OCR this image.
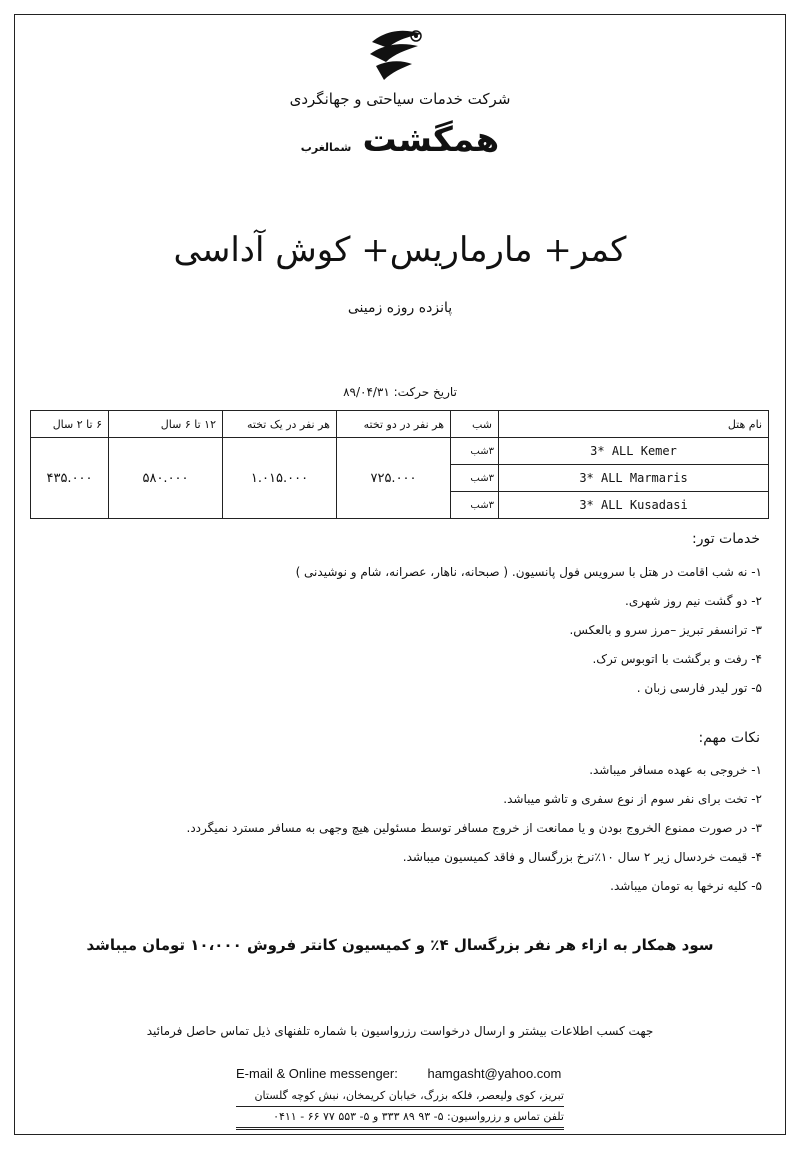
شرکت خدمات سیاحتی و جهانگردی
همگشت شمالغرب
کمر+ مارماریس+ کوش آداسی
پانزده روزه زمینی
تاریخ حرکت: ۸۹/۰۴/۳۱
نام هتل	شب	هر نفر در دو تخته	هر نفر در یک تخته	۱۲ تا ۶ سال	۶ تا ۲ سال
3* ALL Kemer	۳شب	۷۲۵.۰۰۰	۱.۰۱۵.۰۰۰	۵۸۰.۰۰۰	۴۳۵.۰۰۰
3* ALL Marmaris	۳شب				
3* ALL Kusadasi	۳شب				
خدمات تور:
۱- نه شب اقامت در هتل با سرویس فول پانسیون. ( صبحانه، ناهار، عصرانه، شام و نوشیدنی )
۲- دو گشت نیم روز شهری.
۳- ترانسفر تبریز –مرز سرو و بالعکس.
۴- رفت و برگشت با اتوبوس ترک.
۵- تور لیدر فارسی زبان .
نکات مهم:
۱- خروجی به عهده مسافر میباشد.
۲- تخت برای نفر سوم از نوع سفری و تاشو میباشد.
۳- در صورت ممنوع الخروج بودن و یا ممانعت از خروج مسافر توسط مسئولین هیچ وجهی به مسافر مسترد نمیگردد.
۴- قیمت خردسال زیر ۲ سال ۱۰٪نرخ بزرگسال و فاقد کمیسیون میباشد.
۵- کلیه نرخها به تومان میباشد.
سود همکار به ازاء هر نفر بزرگسال ۴٪ و کمیسیون کانتر فروش ۱۰،۰۰۰ تومان میباشد
جهت کسب اطلاعات بیشتر و ارسال درخواست رزرواسیون با شماره تلفنهای ذیل تماس حاصل فرمائید
E-mail & Online messenger: hamgasht@yahoo.com
تبریز، کوی ولیعصر، فلکه بزرگ، خیابان کریمخان، نبش کوچه گلستان
تلفن تماس و رزرواسیون: ۵- ۹۳ ۸۹ ۳۳۳ و ۵- ۵۵۳ ۷۷ ۶۶ - ۰۴۱۱
